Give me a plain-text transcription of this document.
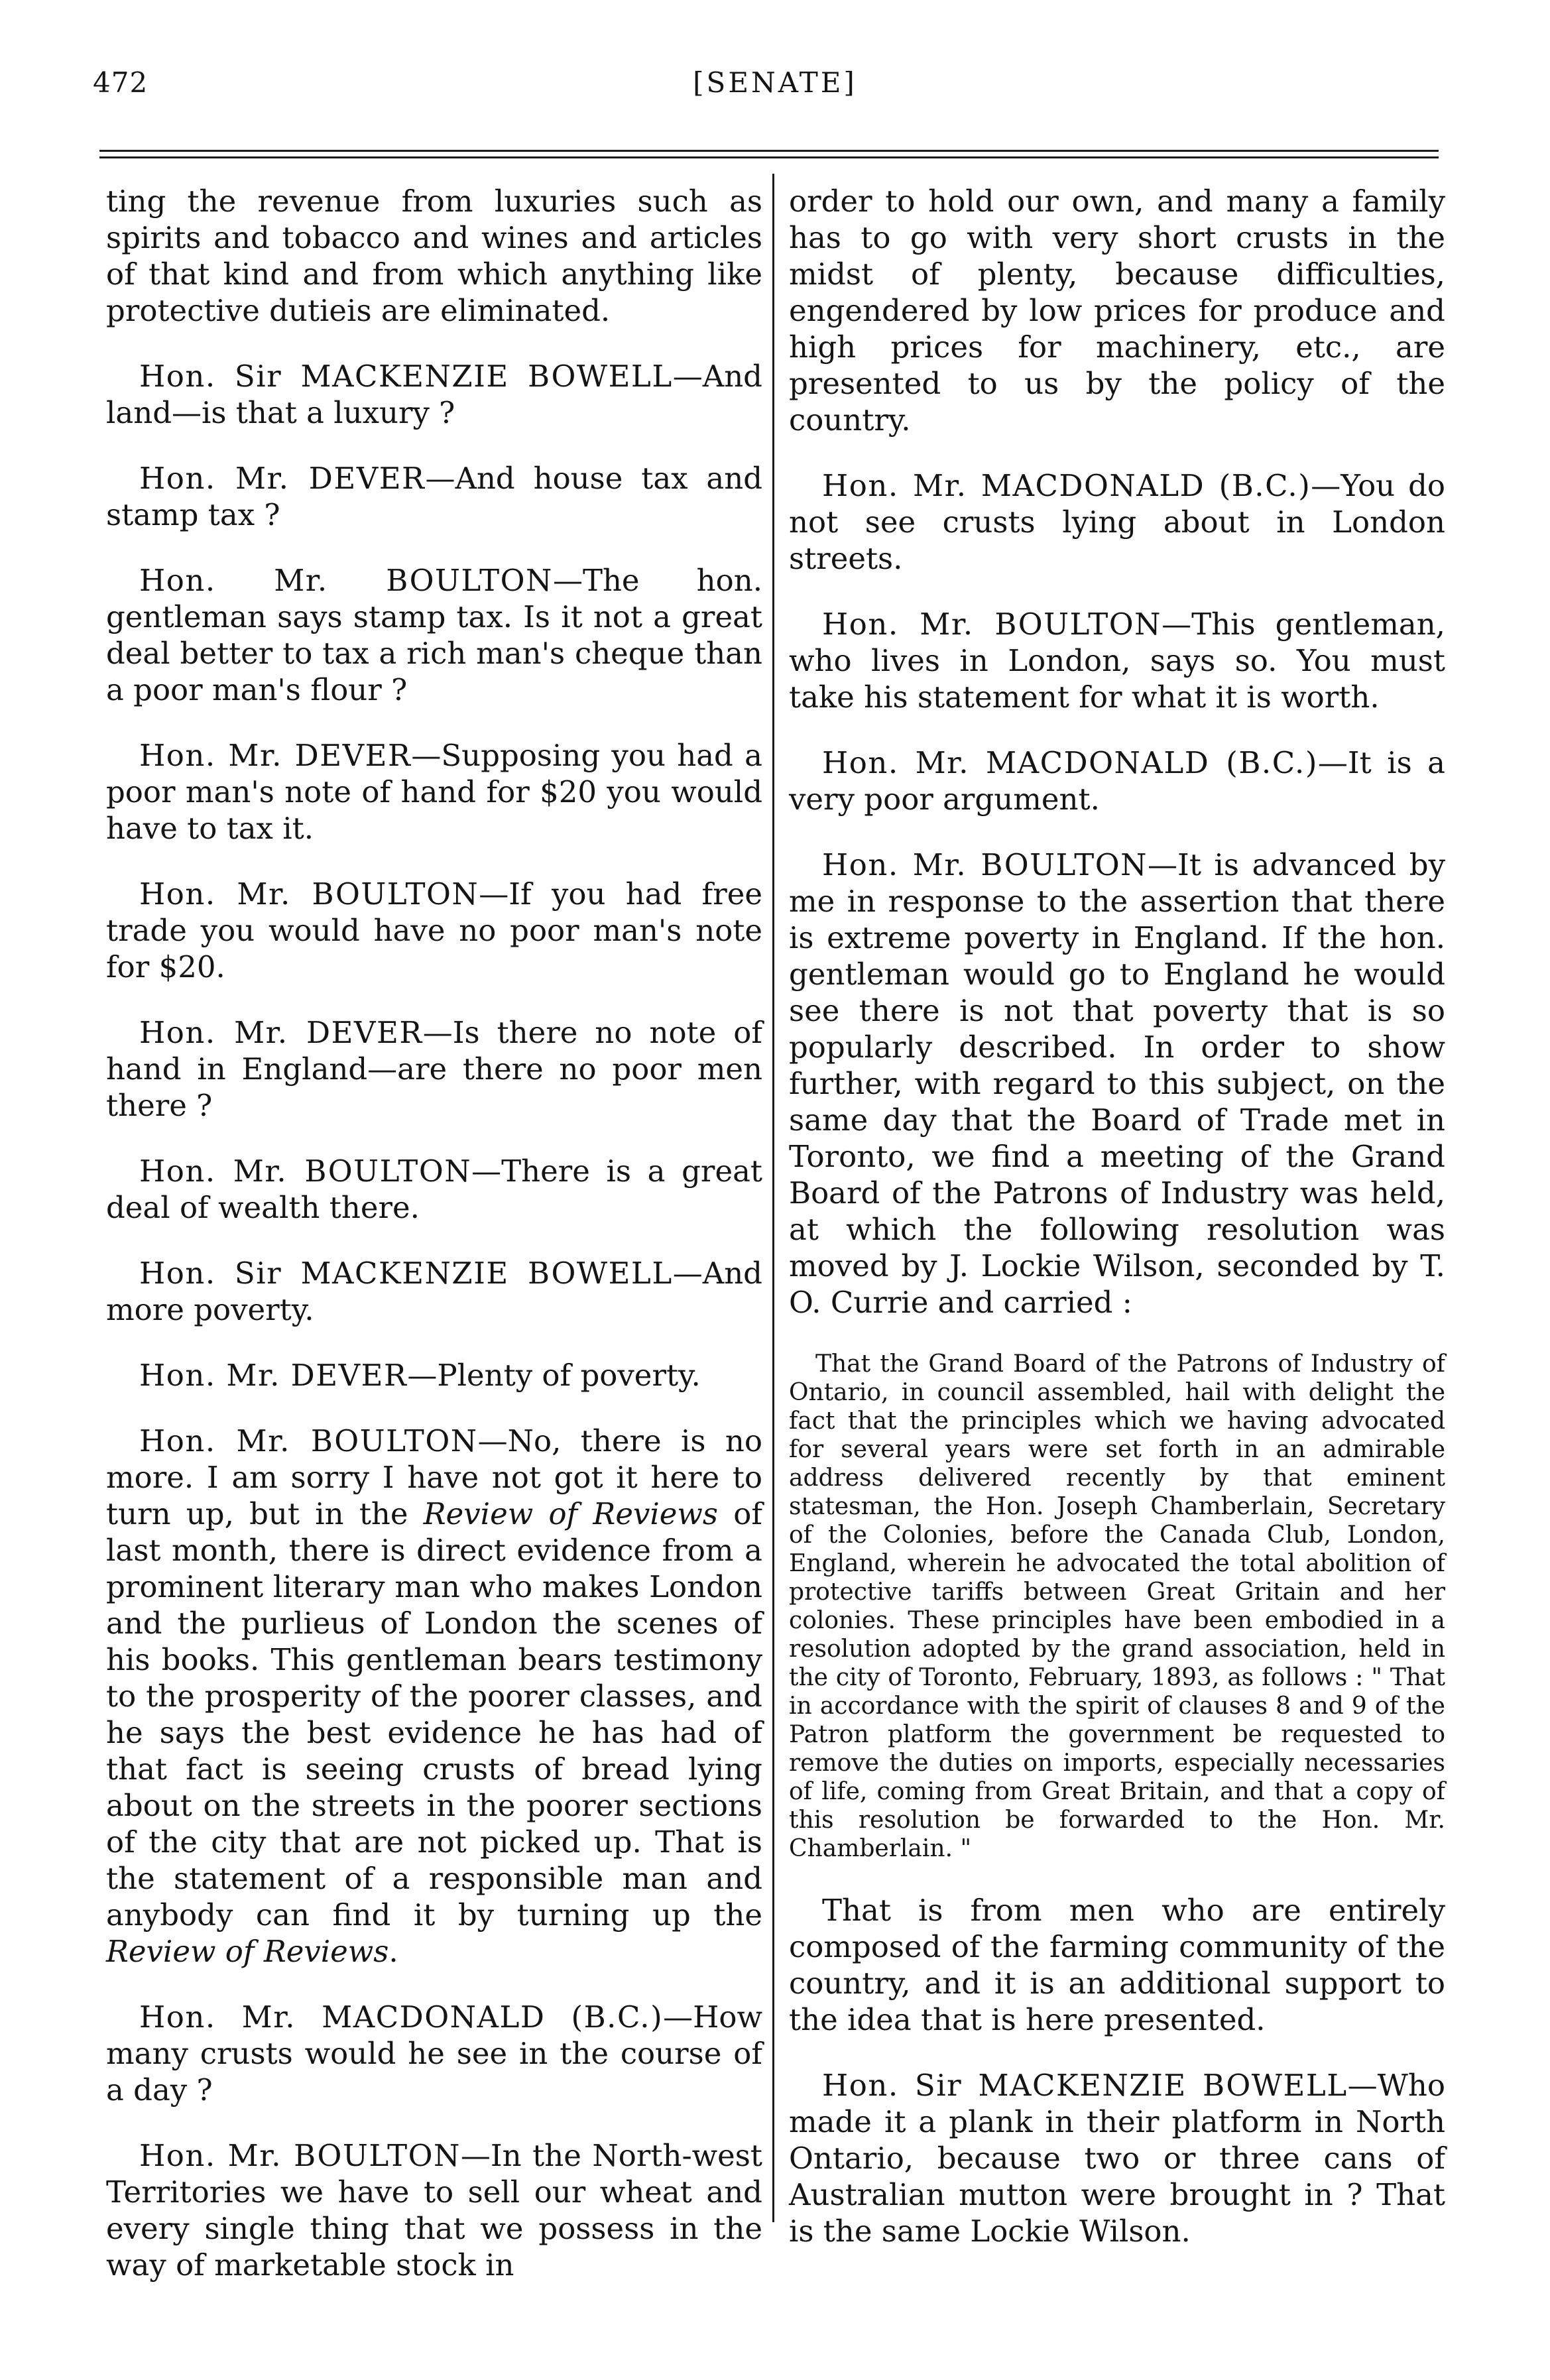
472	[SENATE]

ting the revenue from luxuries such as spirits and tobacco and wines and articles of that kind and from which anything like protective dutieis are eliminated.

Hon. Sir MACKENZIE BOWELL—And land—is that a luxury ?

Hon. Mr. DEVER—And house tax and stamp tax ?

Hon. Mr. BOULTON—The hon. gentleman says stamp tax. Is it not a great deal better to tax a rich man's cheque than a poor man's flour ?

Hon. Mr. DEVER—Supposing you had a poor man's note of hand for $20 you would have to tax it.

Hon. Mr. BOULTON—If you had free trade you would have no poor man's note for $20.

Hon. Mr. DEVER—Is there no note of hand in England—are there no poor men there ?

Hon. Mr. BOULTON—There is a great deal of wealth there.

Hon. Sir MACKENZIE BOWELL—And more poverty.

Hon. Mr. DEVER—Plenty of poverty.

Hon. Mr. BOULTON—No, there is no more. I am sorry I have not got it here to turn up, but in the Review of Reviews of last month, there is direct evidence from a prominent literary man who makes London and the purlieus of London the scenes of his books. This gentleman bears testimony to the prosperity of the poorer classes, and he says the best evidence he has had of that fact is seeing crusts of bread lying about on the streets in the poorer sections of the city that are not picked up. That is the statement of a responsible man and anybody can find it by turning up the Review of Reviews.

Hon. Mr. MACDONALD (B.C.)—How many crusts would he see in the course of a day ?

Hon. Mr. BOULTON—In the North-west Territories we have to sell our wheat and every single thing that we possess in the way of marketable stock in

order to hold our own, and many a family has to go with very short crusts in the midst of plenty, because difficulties, engendered by low prices for produce and high prices for machinery, etc., are presented to us by the policy of the country.

Hon. Mr. MACDONALD (B.C.)—You do not see crusts lying about in London streets.

Hon. Mr. BOULTON—This gentleman, who lives in London, says so. You must take his statement for what it is worth.

Hon. Mr. MACDONALD (B.C.)—It is a very poor argument.

Hon. Mr. BOULTON—It is advanced by me in response to the assertion that there is extreme poverty in England. If the hon. gentleman would go to England he would see there is not that poverty that is so popularly described. In order to show further, with regard to this subject, on the same day that the Board of Trade met in Toronto, we find a meeting of the Grand Board of the Patrons of Industry was held, at which the following resolution was moved by J. Lockie Wilson, seconded by T. O. Currie and carried :

That the Grand Board of the Patrons of Industry of Ontario, in council assembled, hail with delight the fact that the principles which we having advocated for several years were set forth in an admirable address delivered recently by that eminent statesman, the Hon. Joseph Chamberlain, Secretary of the Colonies, before the Canada Club, London, England, wherein he advocated the total abolition of protective tariffs between Great Gritain and her colonies. These principles have been embodied in a resolution adopted by the grand association, held in the city of Toronto, February, 1893, as follows : " That in accordance with the spirit of clauses 8 and 9 of the Patron platform the government be requested to remove the duties on imports, especially necessaries of life, coming from Great Britain, and that a copy of this resolution be forwarded to the Hon. Mr. Chamberlain. "

That is from men who are entirely composed of the farming community of the country, and it is an additional support to the idea that is here presented.

Hon. Sir MACKENZIE BOWELL—Who made it a plank in their platform in North Ontario, because two or three cans of Australian mutton were brought in ? That is the same Lockie Wilson.
